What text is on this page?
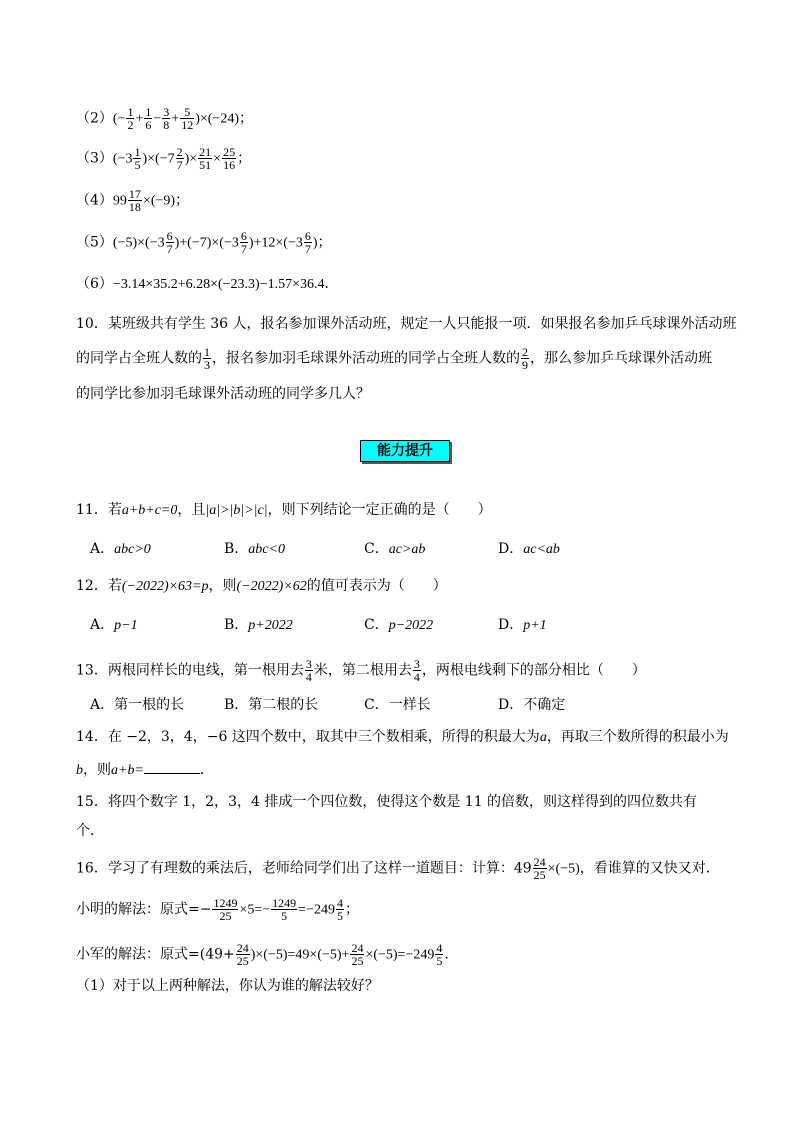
$(2)(- \frac{1}{2} + \frac{1}{6} - \frac{3}{8} + \frac{5}{12} )\times(-24)$；
$(3)(-3 \frac{1}{5} )\times(-7 \frac{2}{7}$ )× $\frac{21}{51} \times \frac{25}{16}$ ；
$(4)99 \frac{17}{18} \times(-9)$；
$(5)(-5)\times(-3 \frac{6}{7} )+(-7)\times(-3 \frac{6}{7} )+12\times(-3 \frac{6}{7}$ )；
（6）−3.14×35.2+6.28×(−23.3)−1.57×36.4．
10．某班级共有学生 36 人，报名参加课外活动班，规定一人只能报一项．如果报名参加乒乓球课外活动班
的同学占全班人数的 $\frac{1}{3}$ ，报名参加羽毛球课外活动班的同学占全班人数的 $\frac{2}{9}$ ，那么参加乒乓球课外活动班
的同学比参加羽毛球课外活动班的同学多几人？
能力提升
11．若a+b+c=0，且|a|>|b|>|c|，则下列结论一定正确的是（　　）
A．abc>0	B．abc<0	C．ac>ab	D．ac<ab
12．若(−2022)×63=p，则(−2022)×62的值可表示为（　　）
A．p−1	B．p+2022	C．p−2022	D．p+1
13．两根同样长的电线，第一根用去 $\frac{3}{4}$ 米，第二根用去 $\frac{3}{4}$ ，两根电线剩下的部分相比（　　）
A．第一根的长	B．第二根的长	C．一样长	D．不确定
14．在 −2，3，4，−6 这四个数中，取其中三个数相乘，所得的积最大为a，再取三个数所得的积最小为
b，则a+b=	．
15．将四个数字 1，2，3，4 排成一个四位数，使得这个数是 11 的倍数，则这样得到的四位数共有
个．
16．学习了有理数的乘法后，老师给同学们出了这样一道题目：计算：$49 \frac{24}{25} \times(-5)$，看谁算的又快又对．
小明的解法：原式=− $\frac{1249}{25} \times 5=- \frac{1249}{5} =-249 \frac{4}{5}$ ；
小军的解法：原式$=(49+ \frac{24}{25} )\times(-5)=49\times(-5)+ \frac{24}{25} \times(-5)=-249 \frac{4}{5}$ ．
（1）对于以上两种解法，你认为谁的解法较好？
